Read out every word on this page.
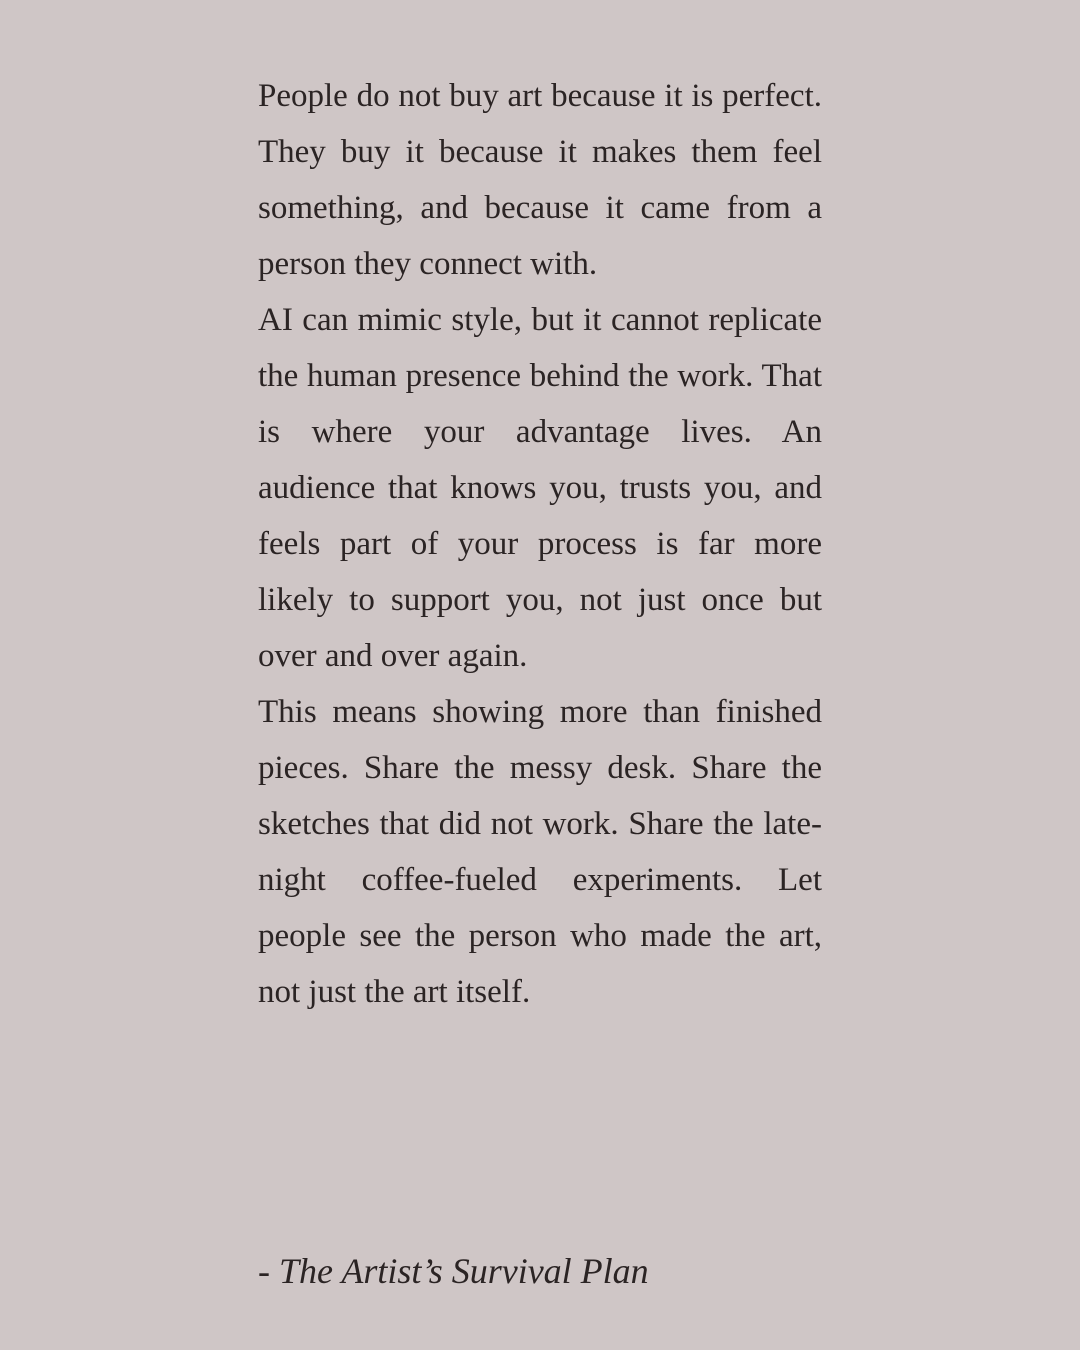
People do not buy art because it is perfect. They buy it because it makes them feel something, and because it came from a person they connect with.

AI can mimic style, but it cannot replicate the human presence behind the work. That is where your advantage lives. An audience that knows you, trusts you, and feels part of your process is far more likely to support you, not just once but over and over again.

This means showing more than finished pieces. Share the messy desk. Share the sketches that did not work. Share the late-night coffee-fueled experiments. Let people see the person who made the art, not just the art itself.

- The Artist’s Survival Plan
